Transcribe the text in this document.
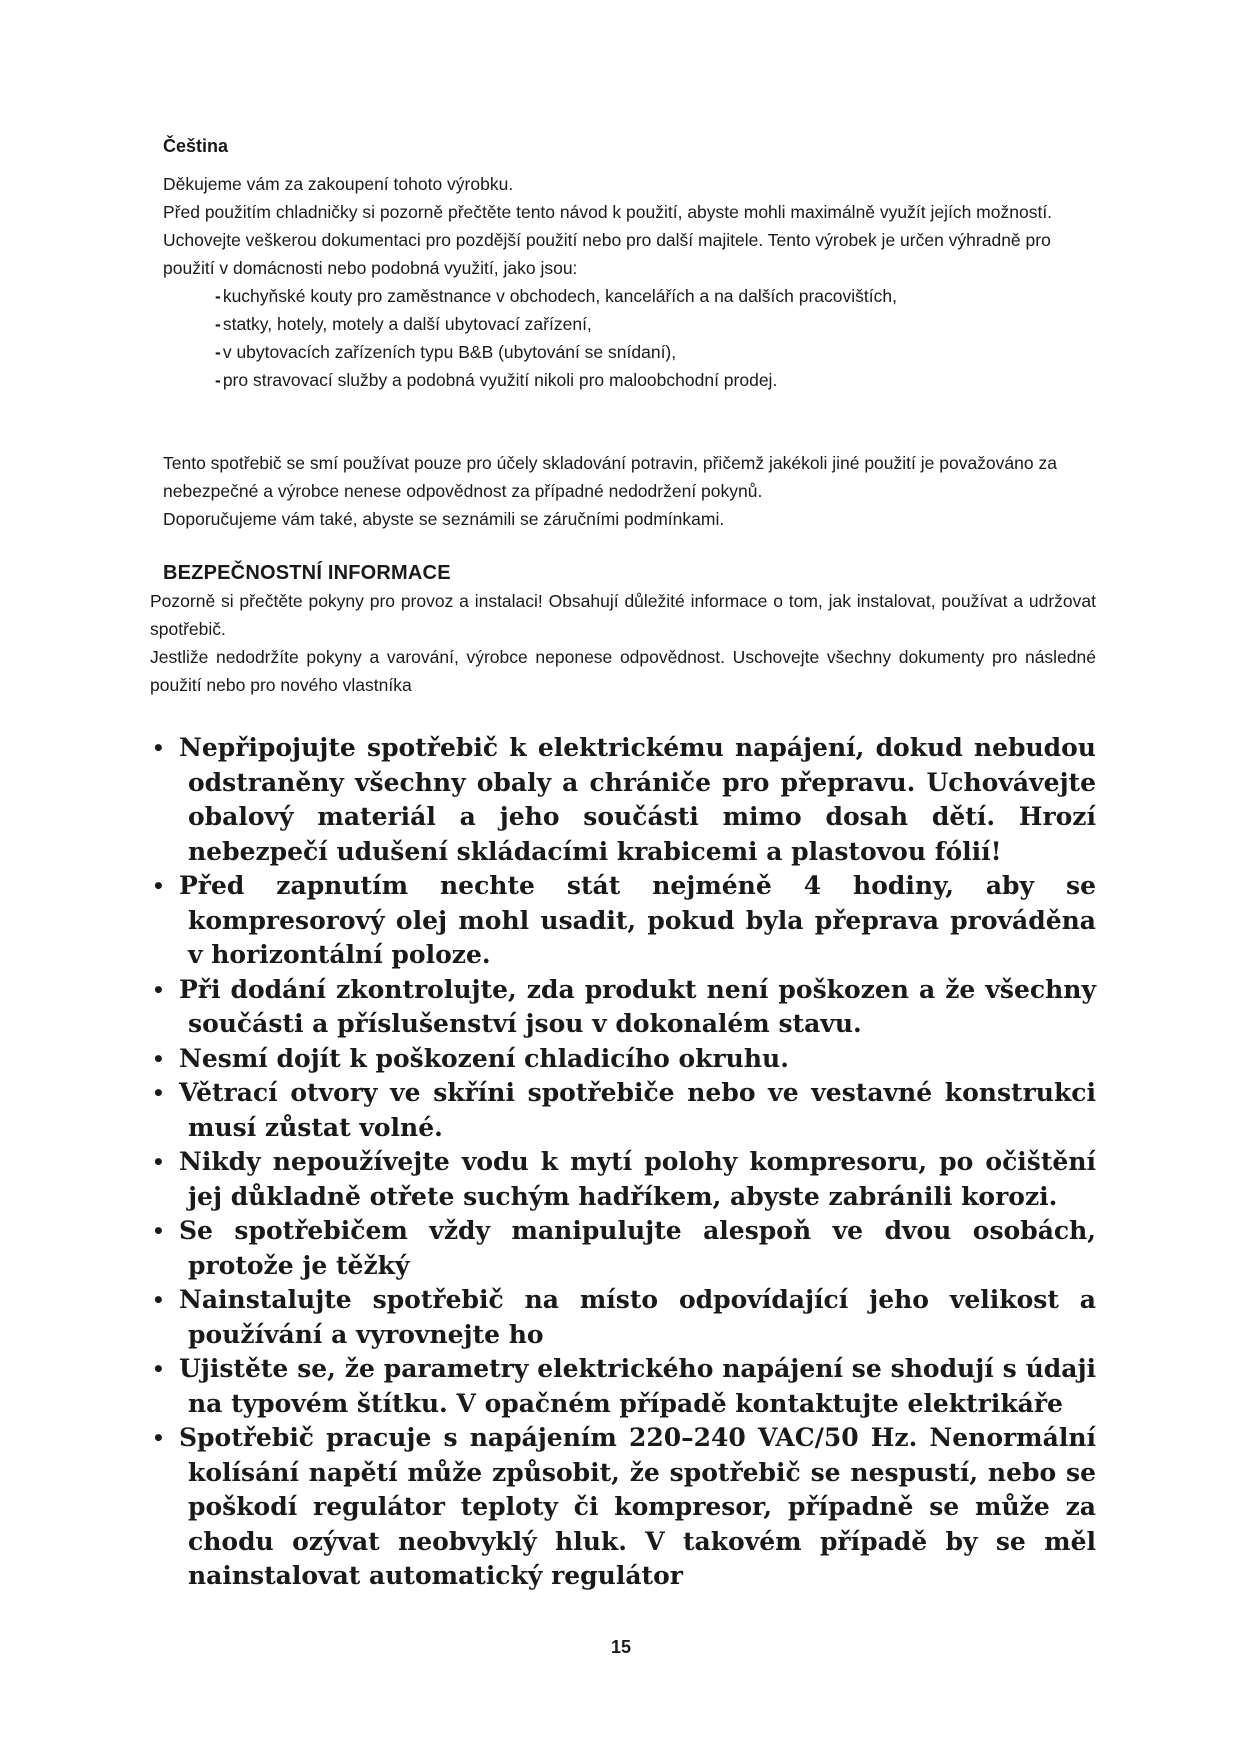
Čeština

Děkujeme vám za zakoupení tohoto výrobku.

Před použitím chladničky si pozorně přečtěte tento návod k použití, abyste mohli maximálně využít jejích možností. Uchovejte veškerou dokumentaci pro pozdější použití nebo pro další majitele. Tento výrobek je určen výhradně pro použití v domácnosti nebo podobná využití, jako jsou:

- kuchyňské kouty pro zaměstnance v obchodech, kancelářích a na dalších pracovištích,
- statky, hotely, motely a další ubytovací zařízení,
- v ubytovacích zařízeních typu B&B (ubytování se snídaní),
- pro stravovací služby a podobná využití nikoli pro maloobchodní prodej.

Tento spotřebič se smí používat pouze pro účely skladování potravin, přičemž jakékoli jiné použití je považováno za nebezpečné a výrobce nenese odpovědnost za případné nedodržení pokynů.

Doporučujeme vám také, abyste se seznámili se záručními podmínkami.

BEZPEČNOSTNÍ INFORMACE

Pozorně si přečtěte pokyny pro provoz a instalaci! Obsahují důležité informace o tom, jak instalovat, používat a udržovat spotřebič.

Jestliže nedodržíte pokyny a varování, výrobce neponese odpovědnost. Uschovejte všechny dokumenty pro následné použití nebo pro nového vlastníka

• Nepřipojujte spotřebič k elektrickému napájení, dokud nebudou odstraněny všechny obaly a chrániče pro přepravu. Uchovávejte obalový materiál a jeho součásti mimo dosah dětí. Hrozí nebezpečí udušení skládacími krabicemi a plastovou fólií!
• Před zapnutím nechte stát nejméně 4 hodiny, aby se kompresorový olej mohl usadit, pokud byla přeprava prováděna v horizontální poloze.
• Při dodání zkontrolujte, zda produkt není poškozen a že všechny součásti a příslušenství jsou v dokonalém stavu.
• Nesmí dojít k poškození chladicího okruhu.
• Větrací otvory ve skříni spotřebiče nebo ve vestavné konstrukci musí zůstat volné.
• Nikdy nepoužívejte vodu k mytí polohy kompresoru, po očištění jej důkladně otřete suchým hadříkem, abyste zabránili korozi.
• Se spotřebičem vždy manipulujte alespoň ve dvou osobách, protože je těžký
• Nainstalujte spotřebič na místo odpovídající jeho velikost a používání a vyrovnejte ho
• Ujistěte se, že parametry elektrického napájení se shodují s údaji na typovém štítku. V opačném případě kontaktujte elektrikáře
• Spotřebič pracuje s napájením 220–240 VAC/50 Hz. Nenormální kolísání napětí může způsobit, že spotřebič se nespustí, nebo se poškodí regulátor teploty či kompresor, případně se může za chodu ozývat neobvyklý hluk. V takovém případě by se měl nainstalovat automatický regulátor
15
